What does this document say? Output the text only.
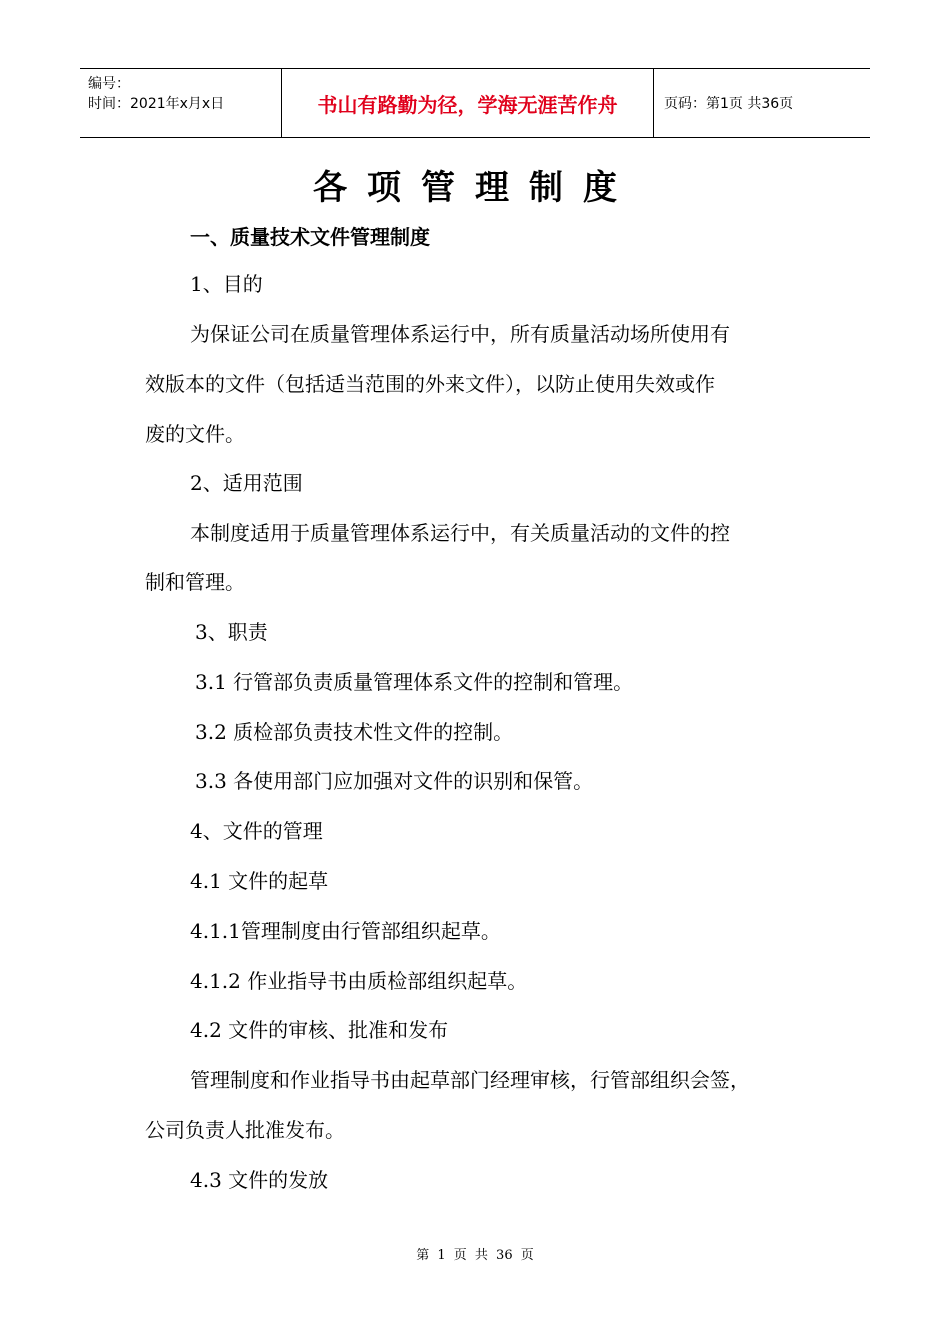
编号：
时间：2021年x月x日	书山有路勤为径，学海无涯苦作舟	页码：第1页 共36页
各项管理制度
一、质量技术文件管理制度
1、目的
为保证公司在质量管理体系运行中，所有质量活动场所使用有
效版本的文件（包括适当范围的外来文件），以防止使用失效或作
废的文件。
2、适用范围
本制度适用于质量管理体系运行中，有关质量活动的文件的控
制和管理。
3、职责
3.1 行管部负责质量管理体系文件的控制和管理。
3.2 质检部负责技术性文件的控制。
3.3 各使用部门应加强对文件的识别和保管。
4、文件的管理
4.1 文件的起草
4.1.1管理制度由行管部组织起草。
4.1.2 作业指导书由质检部组织起草。
4.2 文件的审核、批准和发布
管理制度和作业指导书由起草部门经理审核，行管部组织会签，
公司负责人批准发布。
4.3 文件的发放
第 1 页 共 36 页
